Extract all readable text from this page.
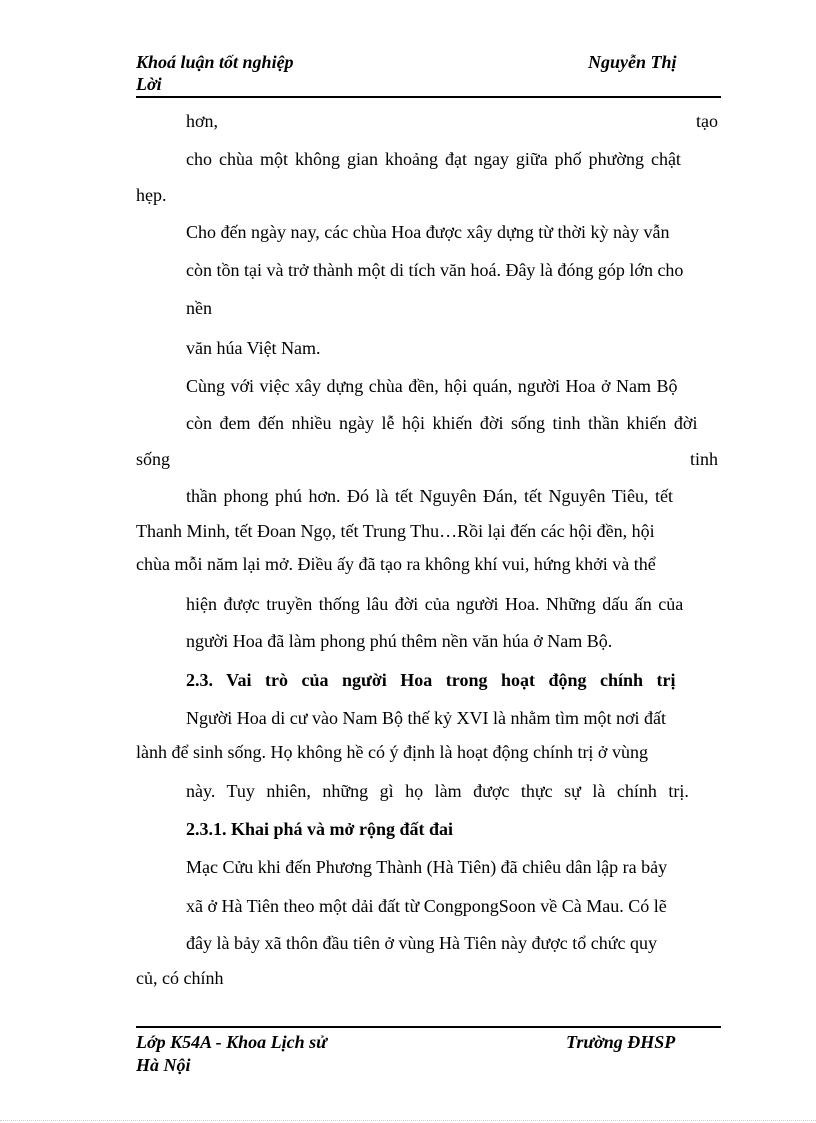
Khoá luận tốt nghiệp	Nguyễn Thị
Lời
hơn,	tạo
cho chùa một không gian khoảng đạt ngay giữa phố phường chật
hẹp.
Cho đến ngày nay, các chùa Hoa được xây dựng từ thời kỳ này vẫn
còn tồn tại và trở thành một di tích văn hoá. Đây là đóng góp lớn cho
nền
văn húa Việt Nam.
Cùng với việc xây dựng chùa đền, hội quán, người Hoa ở Nam Bộ
còn đem đến nhiều ngày lễ hội khiến đời sống tinh thần khiến đời
sống	tinh
thần phong phú hơn. Đó là tết Nguyên Đán, tết Nguyên Tiêu, tết
Thanh Minh, tết Đoan Ngọ, tết Trung Thu…Rồi lại đến các hội đền, hội
chùa mỗi năm lại mở. Điều ấy đã tạo ra không khí vui, hứng khởi và thể
hiện được truyền thống lâu đời của người Hoa. Những dấu ấn của
người Hoa đã làm phong phú thêm nền văn húa ở Nam Bộ.
2.3. Vai trò của người Hoa trong hoạt động chính trị
Người Hoa di cư vào Nam Bộ thế kỷ XVI là nhằm tìm một nơi đất
lành để sinh sống. Họ không hề có ý định là hoạt động chính trị ở vùng
này. Tuy nhiên, những gì họ làm được thực sự là chính trị.
2.3.1. Khai phá và mở rộng đất đai
Mạc Cửu khi đến Phương Thành (Hà Tiên) đã chiêu dân lập ra bảy
xã ở Hà Tiên theo một dải đất từ CongpongSoon về Cà Mau. Có lẽ
đây là bảy xã thôn đầu tiên ở vùng Hà Tiên này được tổ chức quy
củ, có chính
Lớp K54A - Khoa Lịch sử	Trường ĐHSP
Hà Nội
